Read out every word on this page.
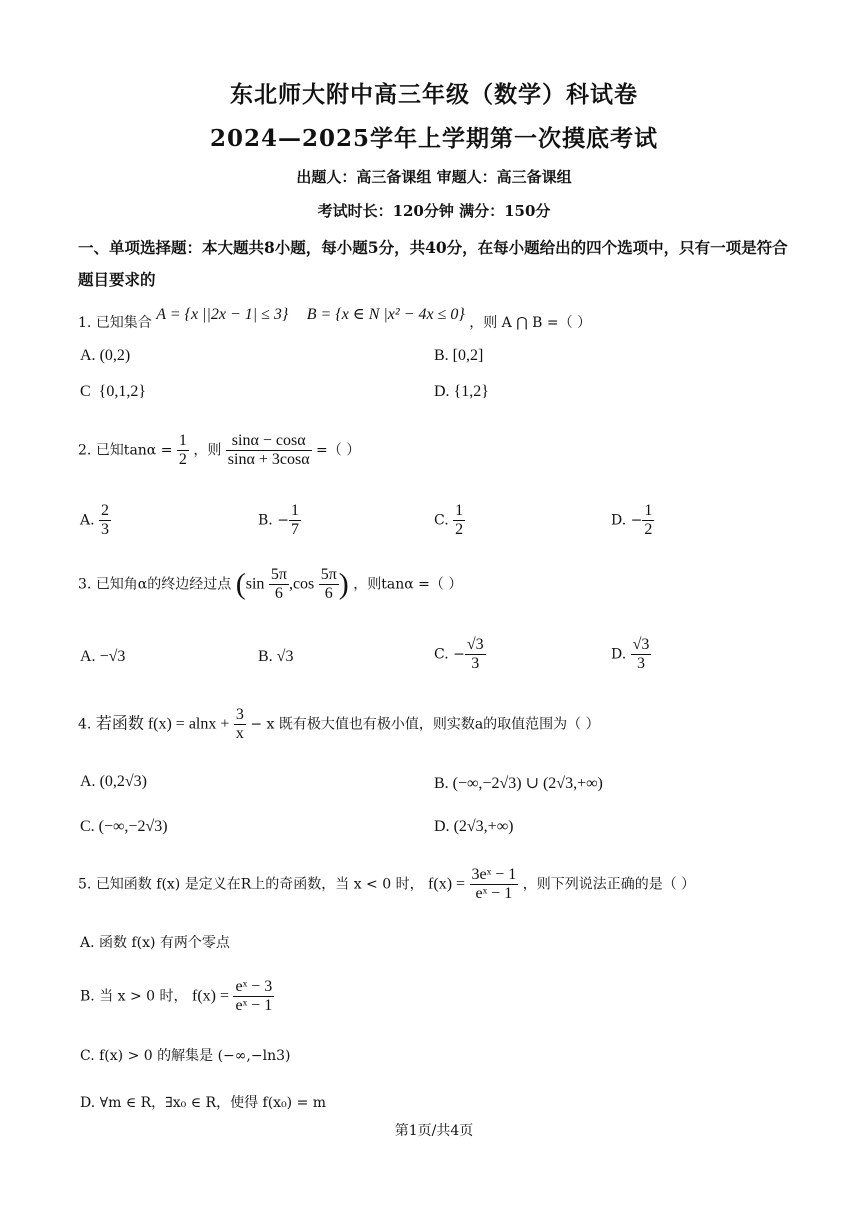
东北师大附中高三年级（数学）科试卷
2024—2025学年上学期第一次摸底考试
出题人：高三备课组 审题人：高三备课组
考试时长：120分钟 满分：150分
一、单项选择题：本大题共8小题，每小题5分，共40分，在每小题给出的四个选项中，只有一项是符合题目要求的
1. 已知集合 A = {x ||2x − 1| ≤ 3} B = {x ∈ N |x² − 4x ≤ 0} ，则 A ⋂ B =（ ）
A. (0,2)	B. [0,2]
C {0,1,2}	D. {1,2}
2. 已知$\tan\alpha = \frac{1}{2}$ ，则 $\frac{\sin\alpha - \cos\alpha}{\sin\alpha + 3\cos\alpha}$ =（ ）
A. $\frac{2}{3}$	B. − $\frac{1}{7}$	C. $\frac{1}{2}$	D. − $\frac{1}{2}$
3. 已知角α的终边经过点 ($\sin \frac{5\pi}{6} ,\cos \frac{5\pi}{6}$ ) ，则tanα =（ ）
A. −√3	B. √3	C. − $\frac{√3}{3}$	D. $\frac{√3}{3}$
4. 若函数 $f(x) = alnx + \frac{3}{x} - x$ 既有极大值也有极小值，则实数a的取值范围为（ ）
A. (0,2√3)	B. (−∞,−2√3) ∪ (2√3,+∞)
C. (−∞,−2√3)	D. (2√3,+∞)
5. 已知函数 f(x) 是定义在R上的奇函数，当 x < 0 时， $f(x) = \frac{\text{3eˣ − 1}}{\text{eˣ − 1}}$ ，则下列说法正确的是（ ）
A. 函数 f(x) 有两个零点
B. 当 x > 0 时， $f(x) = \frac{\text{eˣ − 3}}{\text{eˣ − 1}}$
C. f(x) > 0 的解集是 (−∞,−ln3)
D. ∀m ∈ R，∃x₀ ∈ R，使得 f(x₀) = m
第1页/共4页
